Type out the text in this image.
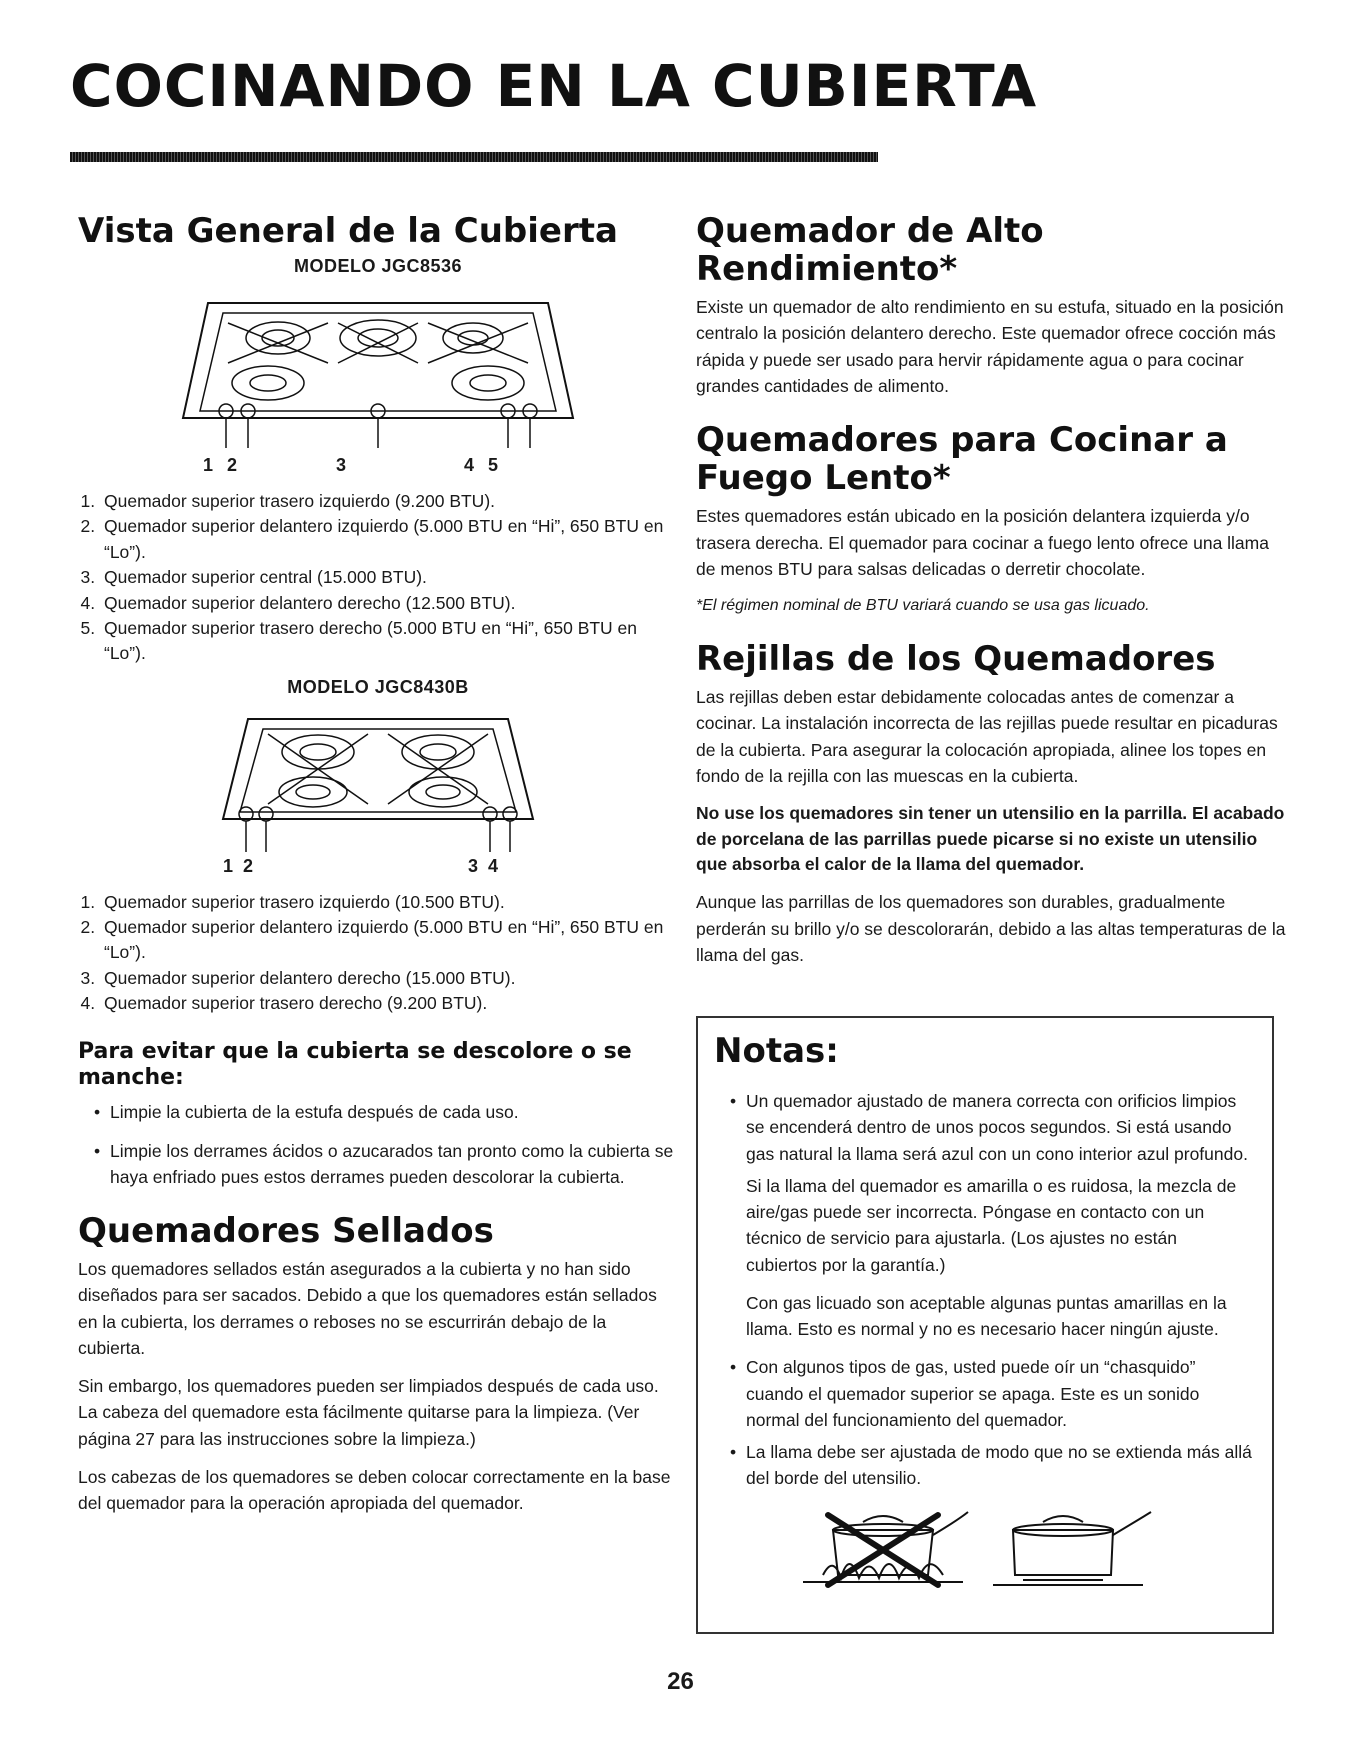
COCINANDO EN LA CUBIERTA
Vista General de la Cubierta
MODELO JGC8536
1 2	3	4 5
1. Quemador superior trasero izquierdo (9.200 BTU).
2. Quemador superior delantero izquierdo (5.000 BTU en “Hi”, 650 BTU en “Lo”).
3. Quemador superior central (15.000 BTU).
4. Quemador superior delantero derecho (12.500 BTU).
5. Quemador superior trasero derecho (5.000 BTU en “Hi”, 650 BTU en “Lo”).
MODELO JGC8430B
1 2	3 4
1. Quemador superior trasero izquierdo (10.500 BTU).
2. Quemador superior delantero izquierdo (5.000 BTU en “Hi”, 650 BTU en “Lo”).
3. Quemador superior delantero derecho (15.000 BTU).
4. Quemador superior trasero derecho (9.200 BTU).
Para evitar que la cubierta se descolore o se manche:
• Limpie la cubierta de la estufa después de cada uso.
• Limpie los derrames ácidos o azucarados tan pronto como la cubierta se haya enfriado pues estos derrames pueden descolorar la cubierta.
Quemadores Sellados

Los quemadores sellados están asegurados a la cubierta y no han sido diseñados para ser sacados. Debido a que los quemadores están sellados en la cubierta, los derrames o reboses no se escurrirán debajo de la cubierta.

Sin embargo, los quemadores pueden ser limpiados después de cada uso. La cabeza del quemadore esta fácilmente quitarse para la limpieza. (Ver página 27 para las instrucciones sobre la limpieza.)

Los cabezas de los quemadores se deben colocar correctamente en la base del quemador para la operación apropiada del quemador.

Quemador de Alto Rendimiento*

Existe un quemador de alto rendimiento en su estufa, situado en la posición centralo la posición delantero derecho. Este quemador ofrece cocción más rápida y puede ser usado para hervir rápidamente agua o para cocinar grandes cantidades de alimento.

Quemadores para Cocinar a Fuego Lento*

Estes quemadores están ubicado en la posición delantera izquierda y/o trasera derecha. El quemador para cocinar a fuego lento ofrece una llama de menos BTU para salsas delicadas o derretir chocolate.

*El régimen nominal de BTU variará cuando se usa gas licuado.

Rejillas de los Quemadores

Las rejillas deben estar debidamente colocadas antes de comenzar a cocinar. La instalación incorrecta de las rejillas puede resultar en picaduras de la cubierta. Para asegurar la colocación apropiada, alinee los topes en fondo de la rejilla con las muescas en la cubierta.

No use los quemadores sin tener un utensilio en la parrilla. El acabado de porcelana de las parrillas puede picarse si no existe un utensilio que absorba el calor de la llama del quemador.

Aunque las parrillas de los quemadores son durables, gradualmente perderán su brillo y/o se descolorarán, debido a las altas temperaturas de la llama del gas.

Notas:
• Un quemador ajustado de manera correcta con orificios limpios se encenderá dentro de unos pocos segundos. Si está usando gas natural la llama será azul con un cono interior azul profundo.
Si la llama del quemador es amarilla o es ruidosa, la mezcla de aire/gas puede ser incorrecta. Póngase en contacto con un técnico de servicio para ajustarla. (Los ajustes no están cubiertos por la garantía.)
Con gas licuado son aceptable algunas puntas amarillas en la llama. Esto es normal y no es necesario hacer ningún ajuste.
• Con algunos tipos de gas, usted puede oír un “chasquido” cuando el quemador superior se apaga. Este es un sonido normal del funcionamiento del quemador.
• La llama debe ser ajustada de modo que no se extienda más allá del borde del utensilio.
26
